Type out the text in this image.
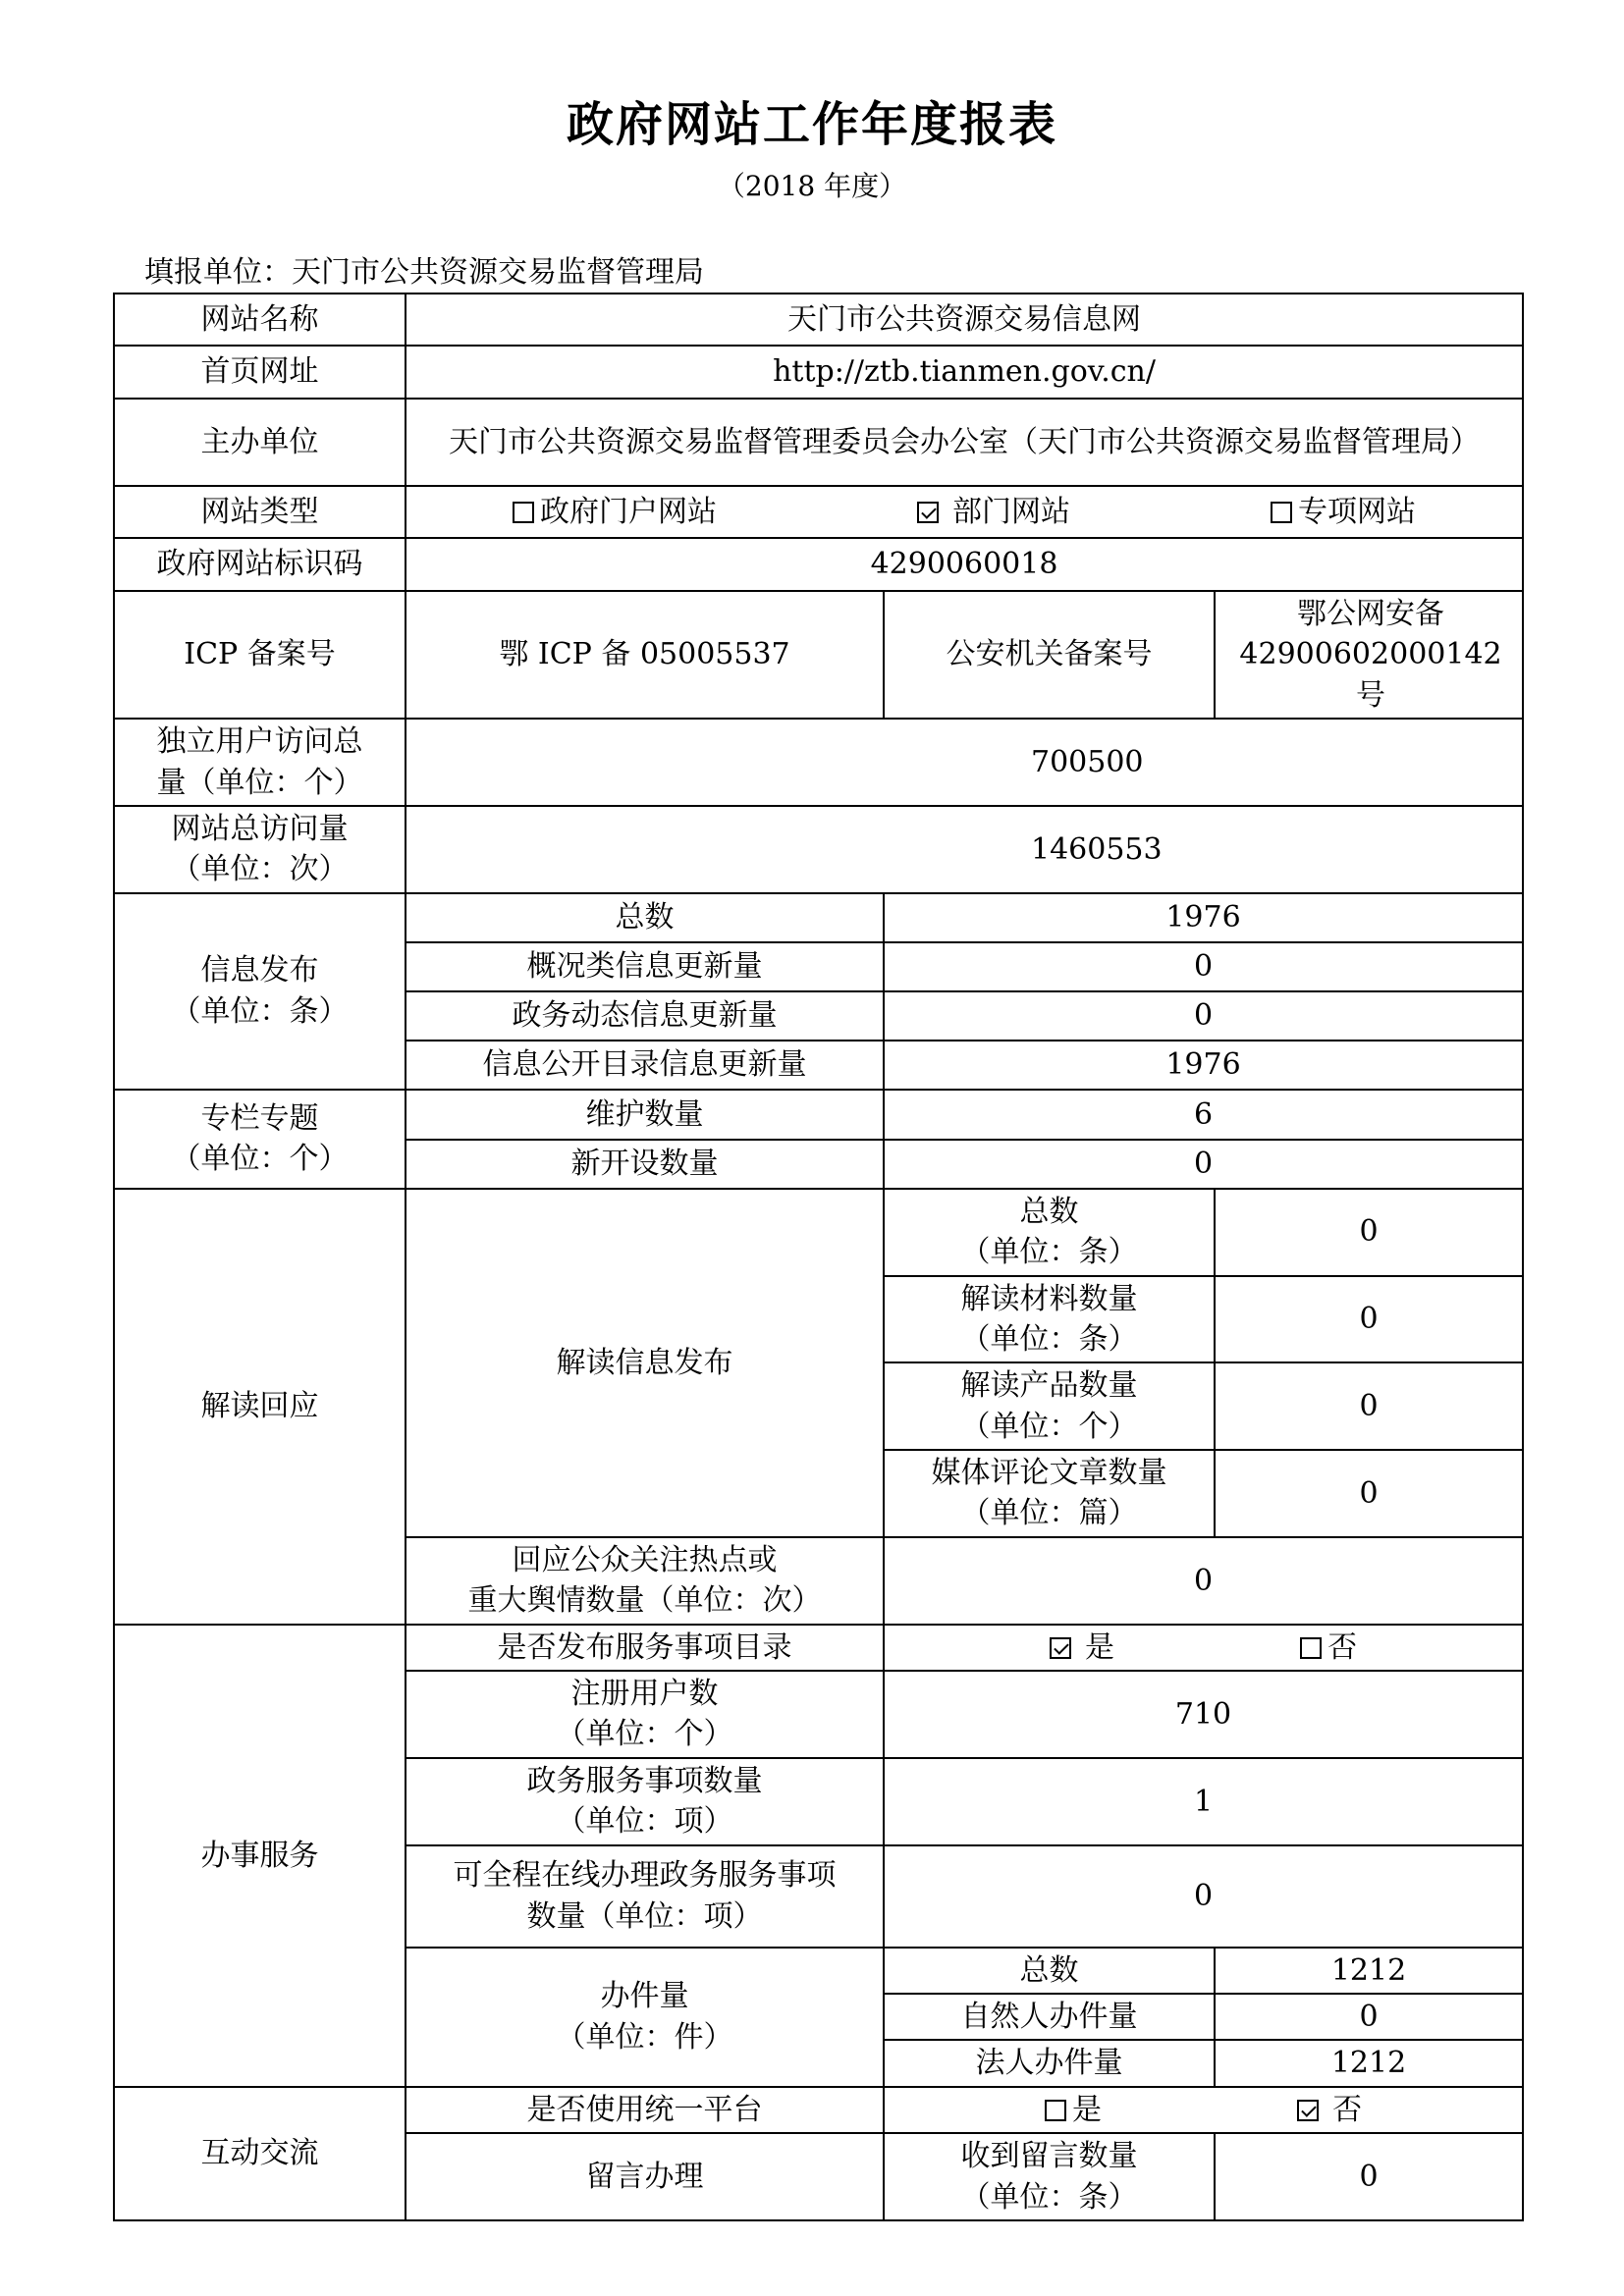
政府网站工作年度报表
（2018 年度）
填报单位：天门市公共资源交易监督管理局
网站名称	天门市公共资源交易信息网		
首页网址	http://ztb.tianmen.gov.cn/		
主办单位	天门市公共资源交易监督管理委员会办公室（天门市公共资源交易监督管理局）		
网站类型	政府门户网站 部门网站 专项网站		

政府网站标识码	4290060018		
ICP 备案号	鄂 ICP 备 05005537	公安机关备案号	鄂公网安备
42900602000142 号

独立用户访问总
量（单位：个）	700500		

网站总访问量
（单位：次）	1460553		

信息发布
（单位：条）	总数	1976	
	概况类信息更新量	0	
	政务动态信息更新量	0	
	信息公开目录信息更新量	1976	

专栏专题
（单位：个）	维护数量	6	
	新开设数量	0	
解读回应	解读信息发布	总数
（单位：条）	0

		解读材料数量
（单位：条）	0

		解读产品数量
（单位：个）	0

		媒体评论文章数量
（单位：篇）	0

	回应公众关注热点或
重大舆情数量（单位：次）	0	
办事服务	是否发布服务事项目录	是 否	

	注册用户数
（单位：个）	710	

	政务服务事项数量
（单位：项）	1	

	可全程在线办理政务服务事项
数量（单位：项）	0	

	办件量
（单位：件）	总数	1212
		自然人办件量	0
		法人办件量	1212
互动交流	是否使用统一平台	是 否	
	留言办理	收到留言数量
（单位：条）	0
